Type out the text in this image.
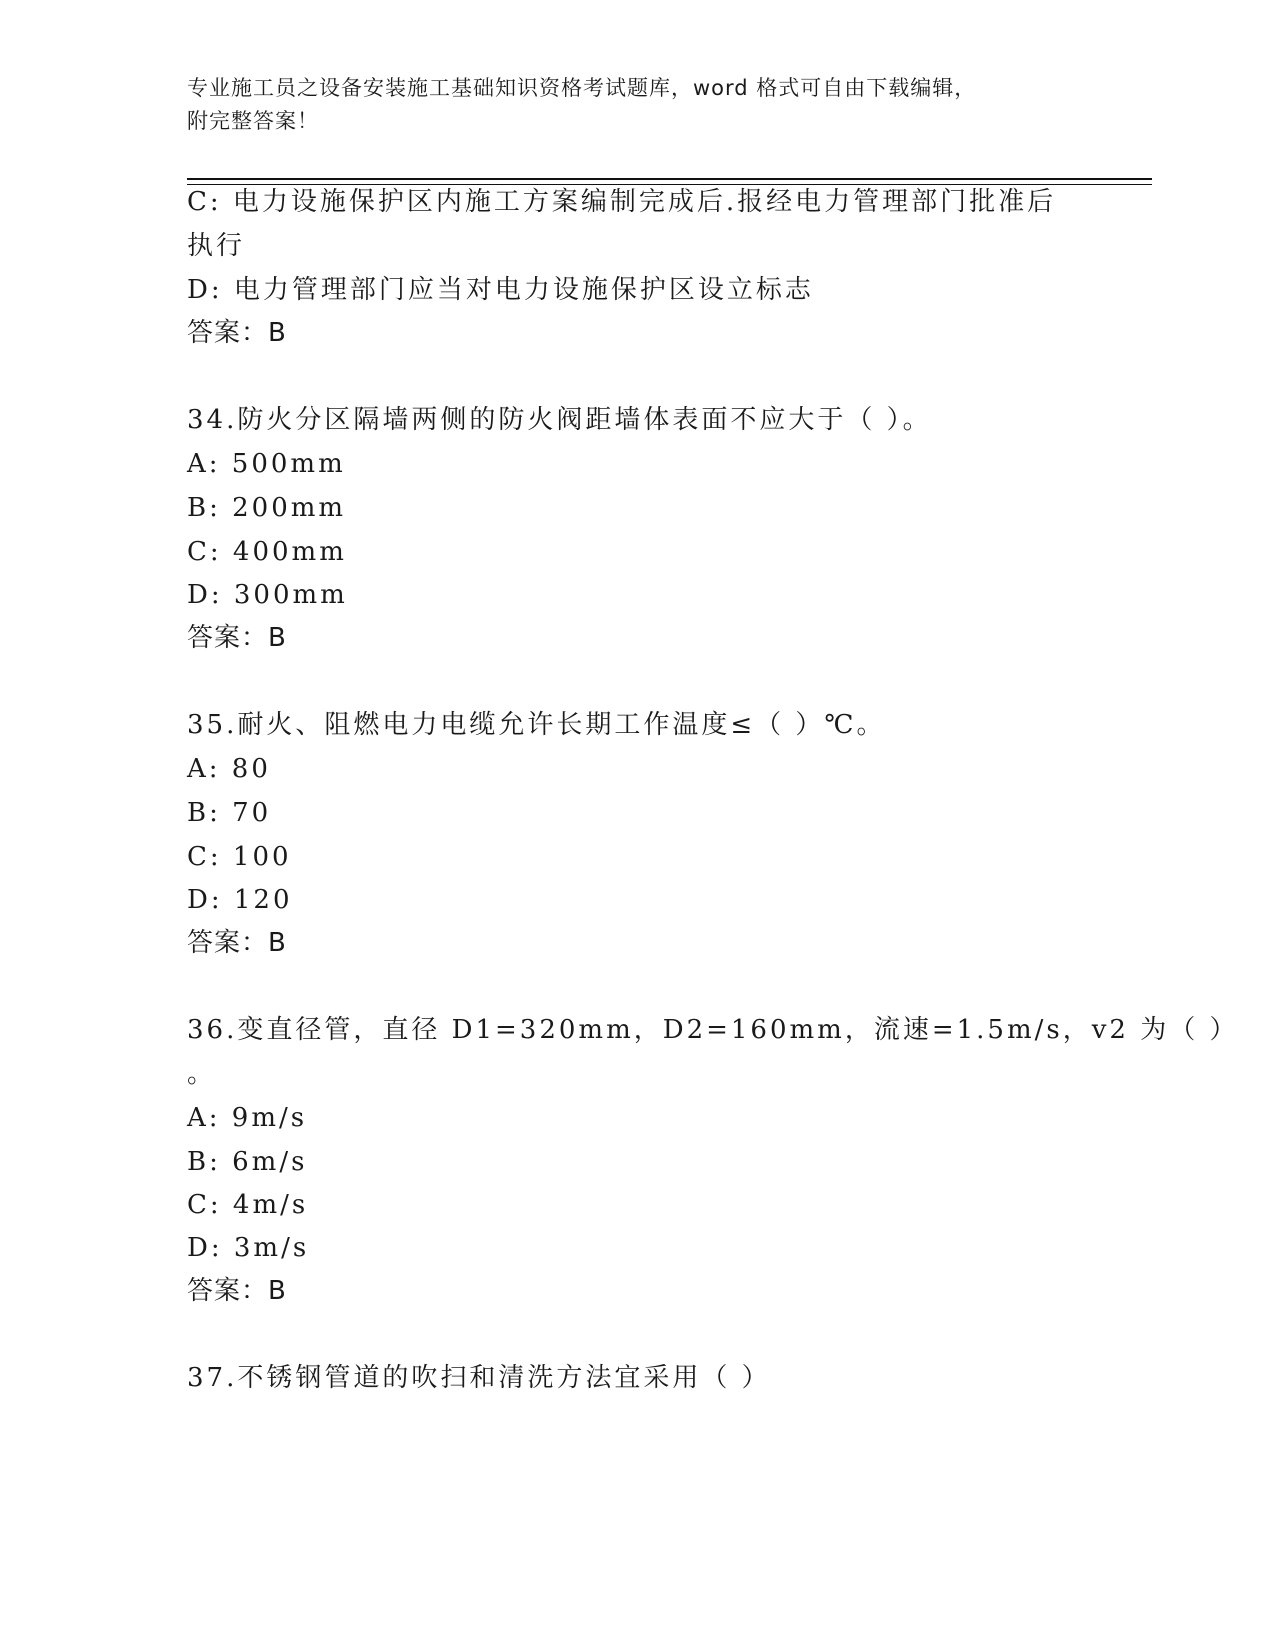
专业施工员之设备安装施工基础知识资格考试题库，word 格式可自由下载编辑，
附完整答案！
C: 电力设施保护区内施工方案编制完成后.报经电力管理部门批准后
执行
D: 电力管理部门应当对电力设施保护区设立标志
答案：B
34.防火分区隔墙两侧的防火阀距墙体表面不应大于（ ）。
A: 500mm
B: 200mm
C: 400mm
D: 300mm
答案：B
35.耐火、阻燃电力电缆允许长期工作温度≤（ ）℃。
A: 80
B: 70
C: 100
D: 120
答案：B
36.变直径管，直径 D1=320mm，D2=160mm，流速=1.5m/s，v2 为（ ）
。
A: 9m/s
B: 6m/s
C: 4m/s
D: 3m/s
答案：B
37.不锈钢管道的吹扫和清洗方法宜采用（ ）
